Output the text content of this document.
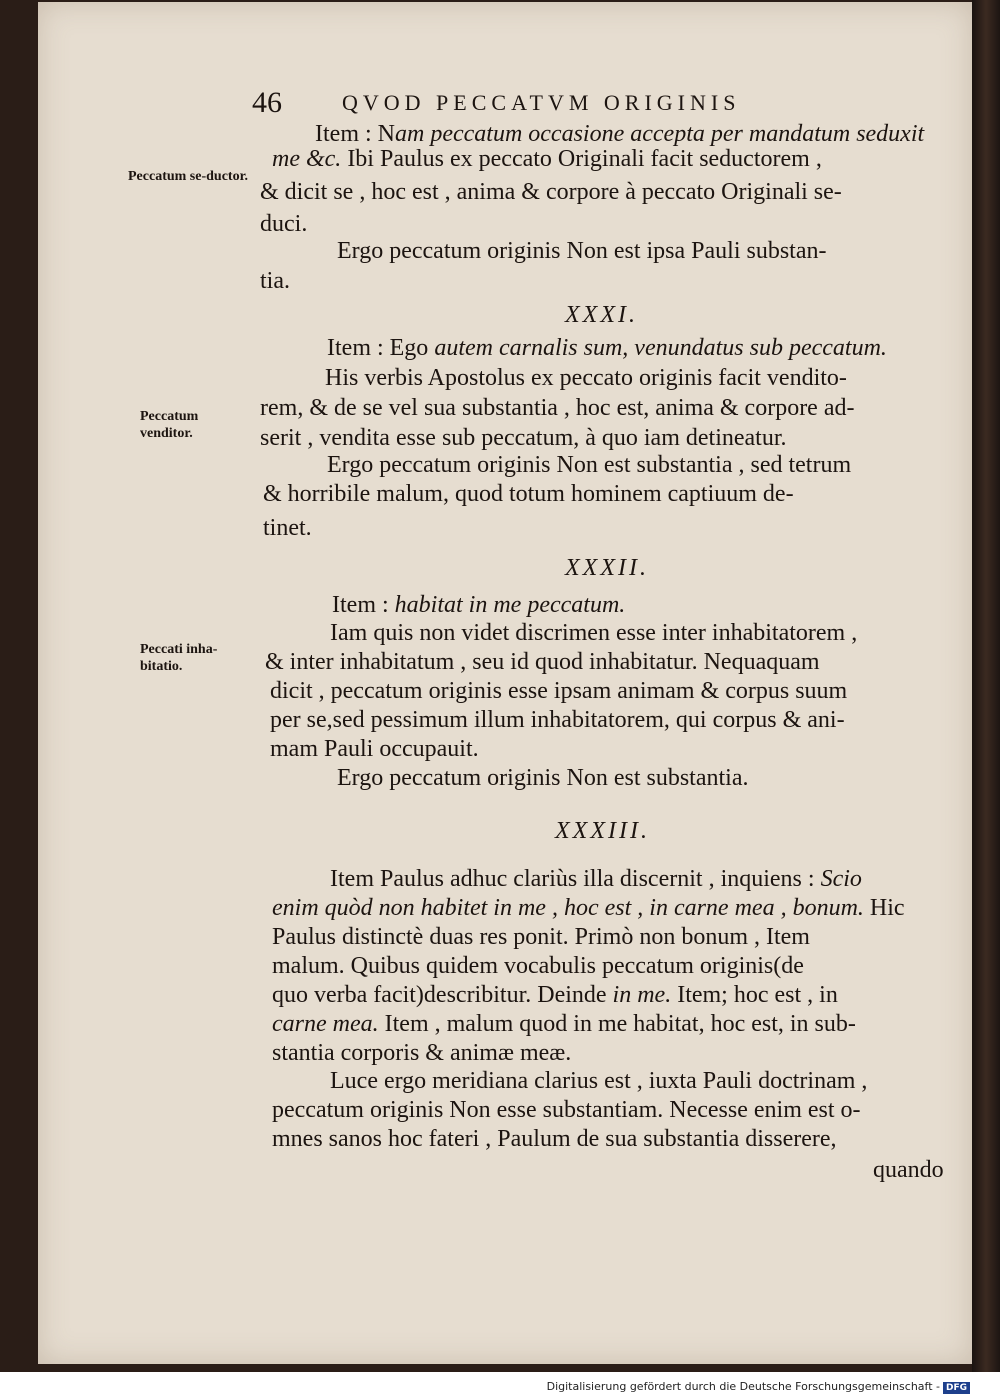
46	QVOD PECCATVM ORIGINIS
Peccatum se-ductor.
Peccatum venditor.
Peccati inha-bitatio.
XXXI.
XXXII.
XXXIII.
Item : Nam peccatum occasione accepta per mandatum seduxit
me &c. Ibi Paulus ex peccato Originali facit seductorem ,
& dicit se , hoc est , anima & corpore à peccato Originali se-
duci.
Ergo peccatum originis Non est ipsa Pauli substan-
tia.
Item : Ego autem carnalis sum, venundatus sub peccatum.
His verbis Apostolus ex peccato originis facit vendito-
rem, & de se vel sua substantia , hoc est, anima & corpore ad-
serit , vendita esse sub peccatum, à quo iam detineatur.
Ergo peccatum originis Non est substantia , sed tetrum
& horribile malum, quod totum hominem captiuum de-
tinet.
Item : habitat in me peccatum.
Iam quis non videt discrimen esse inter inhabitatorem ,
& inter inhabitatum , seu id quod inhabitatur. Nequaquam
dicit , peccatum originis esse ipsam animam & corpus suum
per se,sed pessimum illum inhabitatorem, qui corpus & ani-
mam Pauli occupauit.
Ergo peccatum originis Non est substantia.
Item Paulus adhuc clariùs illa discernit , inquiens : Scio
enim quòd non habitet in me , hoc est , in carne mea , bonum. Hic
Paulus distinctè duas res ponit. Primò non bonum , Item
malum. Quibus quidem vocabulis peccatum originis(de
quo verba facit)describitur. Deinde in me. Item; hoc est , in
carne mea. Item , malum quod in me habitat, hoc est, in sub-
stantia corporis & animæ meæ.
Luce ergo meridiana clarius est , iuxta Pauli doctrinam ,
peccatum originis Non esse substantiam. Necesse enim est o-
mnes sanos hoc fateri , Paulum de sua substantia disserere,
quando
Digitalisierung gefördert durch die Deutsche Forschungsgemeinschaft - DFG
